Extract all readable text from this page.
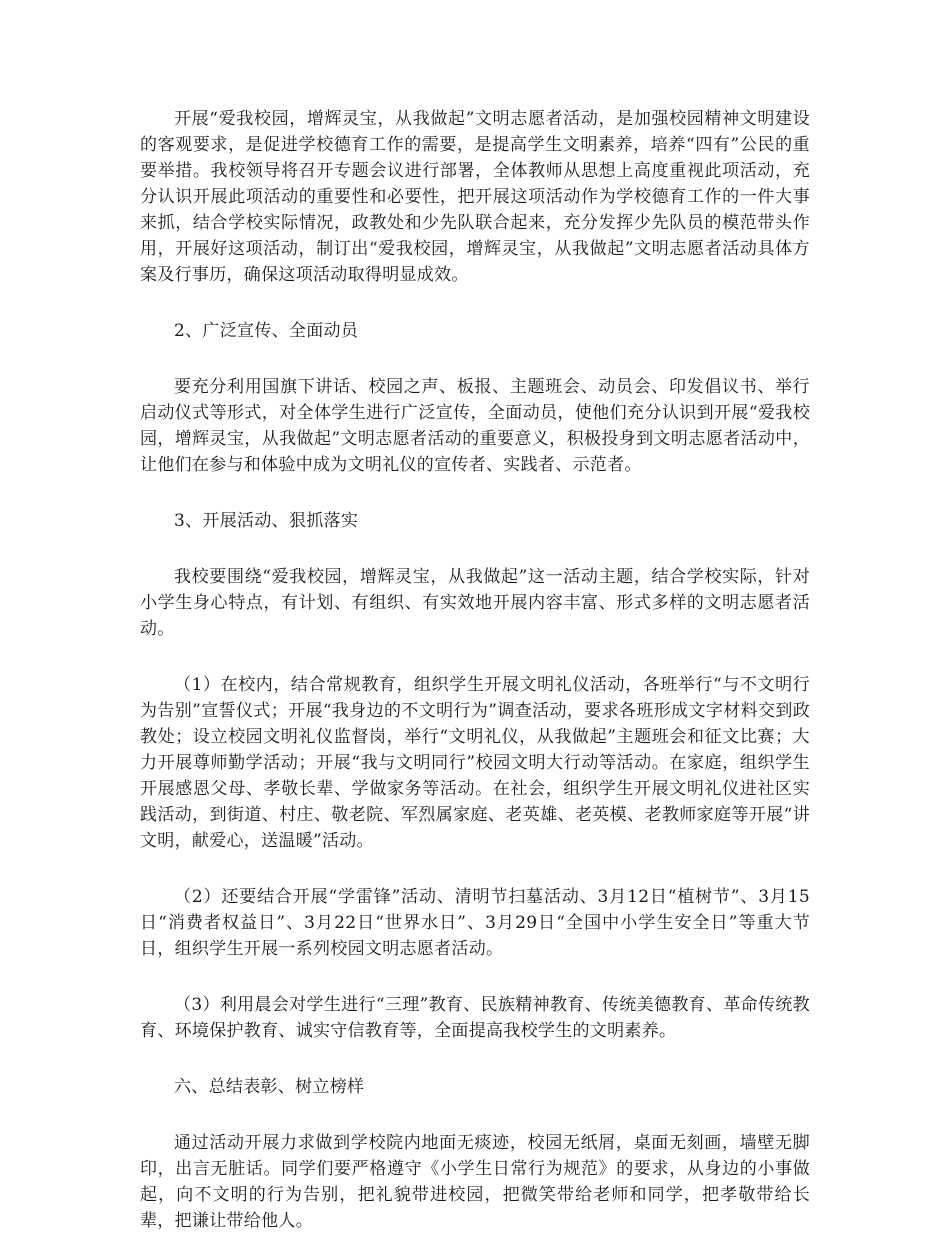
开展“爱我校园，增辉灵宝，从我做起”文明志愿者活动，是加强校园精神文明建设的客观要求，是促进学校德育工作的需要，是提高学生文明素养，培养“四有”公民的重要举措。我校领导将召开专题会议进行部署，全体教师从思想上高度重视此项活动，充分认识开展此项活动的重要性和必要性，把开展这项活动作为学校德育工作的一件大事来抓，结合学校实际情况，政教处和少先队联合起来，充分发挥少先队员的模范带头作用，开展好这项活动，制订出“爱我校园，增辉灵宝，从我做起”文明志愿者活动具体方案及行事历，确保这项活动取得明显成效。

2、广泛宣传、全面动员

要充分利用国旗下讲话、校园之声、板报、主题班会、动员会、印发倡议书、举行启动仪式等形式，对全体学生进行广泛宣传，全面动员，使他们充分认识到开展“爱我校园，增辉灵宝，从我做起”文明志愿者活动的重要意义，积极投身到文明志愿者活动中，让他们在参与和体验中成为文明礼仪的宣传者、实践者、示范者。

3、开展活动、狠抓落实

我校要围绕“爱我校园，增辉灵宝，从我做起”这一活动主题，结合学校实际，针对小学生身心特点，有计划、有组织、有实效地开展内容丰富、形式多样的文明志愿者活动。

（1）在校内，结合常规教育，组织学生开展文明礼仪活动，各班举行“与不文明行为告别”宣誓仪式；开展“我身边的不文明行为”调查活动，要求各班形成文字材料交到政教处；设立校园文明礼仪监督岗，举行“文明礼仪，从我做起”主题班会和征文比赛；大力开展尊师勤学活动；开展“我与文明同行”校园文明大行动等活动。在家庭，组织学生开展感恩父母、孝敬长辈、学做家务等活动。在社会，组织学生开展文明礼仪进社区实践活动，到街道、村庄、敬老院、军烈属家庭、老英雄、老英模、老教师家庭等开展“讲文明，献爱心，送温暖”活动。

（2）还要结合开展“学雷锋”活动、清明节扫墓活动、3月12日“植树节”、3月15日“消费者权益日”、3月22日“世界水日”、3月29日“全国中小学生安全日”等重大节日，组织学生开展一系列校园文明志愿者活动。

（3）利用晨会对学生进行“三理”教育、民族精神教育、传统美德教育、革命传统教育、环境保护教育、诚实守信教育等，全面提高我校学生的文明素养。

六、总结表彰、树立榜样

通过活动开展力求做到学校院内地面无痰迹，校园无纸屑，桌面无刻画，墙壁无脚印，出言无脏话。同学们要严格遵守《小学生日常行为规范》的要求，从身边的小事做起，向不文明的行为告别，把礼貌带进校园，把微笑带给老师和同学，把孝敬带给长辈，把谦让带给他人。
